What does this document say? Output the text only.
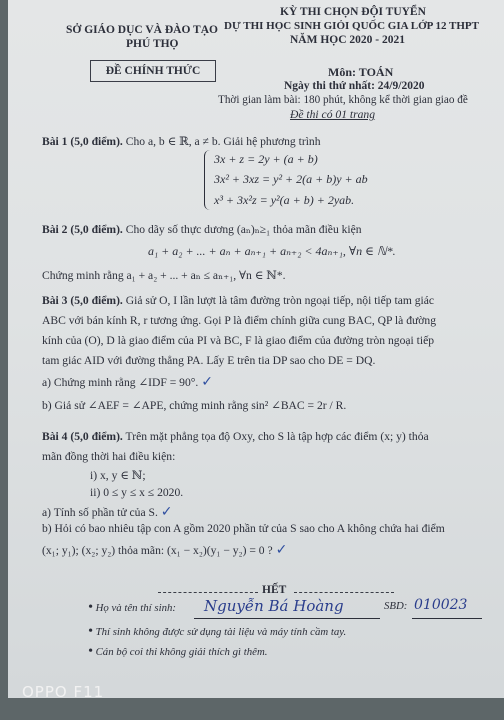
SỞ GIÁO DỤC VÀ ĐÀO TẠO
PHÚ THỌ
ĐỀ CHÍNH THỨC
KỲ THI CHỌN ĐỘI TUYỂN
DỰ THI HỌC SINH GIỎI QUỐC GIA LỚP 12 THPT
NĂM HỌC 2020 - 2021
Môn: TOÁN
Ngày thi thứ nhất: 24/9/2020
Thời gian làm bài: 180 phút, không kể thời gian giao đề
Đề thi có 01 trang
Bài 1 (5,0 điểm). Cho a, b ∈ ℝ, a ≠ b. Giải hệ phương trình
3x + z = 2y + (a + b)
3x² + 3xz = y² + 2(a + b)y + ab
x³ + 3x²z = y²(a + b) + 2yab.
Bài 2 (5,0 điểm). Cho dãy số thực dương (aₙ)ₙ≥₁ thỏa mãn điều kiện
a₁ + a₂ + ... + aₙ + aₙ₊₁ + aₙ₊₂ < 4aₙ₊₁, ∀n ∈ ℕ*.
Chứng minh rằng a₁ + a₂ + ... + aₙ ≤ aₙ₊₁, ∀n ∈ ℕ*.
Bài 3 (5,0 điểm). Giả sử O, I lần lượt là tâm đường tròn ngoại tiếp, nội tiếp tam giác
ABC với bán kính R, r tương ứng. Gọi P là điểm chính giữa cung BAC, QP là đường
kính của (O), D là giao điểm của PI và BC, F là giao điểm của đường tròn ngoại tiếp
tam giác AID với đường thẳng PA. Lấy E trên tia DP sao cho DE = DQ.
a) Chứng minh rằng ∠IDF = 90°. ✓
b) Giả sử ∠AEF = ∠APE, chứng minh rằng sin² ∠BAC = 2r / R.
Bài 4 (5,0 điểm). Trên mặt phẳng tọa độ Oxy, cho S là tập hợp các điểm (x; y) thỏa
mãn đồng thời hai điều kiện:
i) x, y ∈ ℕ;
ii) 0 ≤ y ≤ x ≤ 2020.
a) Tính số phần tử của S. ✓
b) Hỏi có bao nhiêu tập con A gồm 2020 phần tử của S sao cho A không chứa hai điểm
(x₁; y₁); (x₂; y₂) thỏa mãn: (x₁ − x₂)(y₁ − y₂) = 0 ? ✓
HẾT
• Họ và tên thí sinh: Nguyễn Bá Hoàng	SBD: 010023
• Thí sinh không được sử dụng tài liệu và máy tính cầm tay.
• Cán bộ coi thi không giải thích gì thêm.
OPPO F11
